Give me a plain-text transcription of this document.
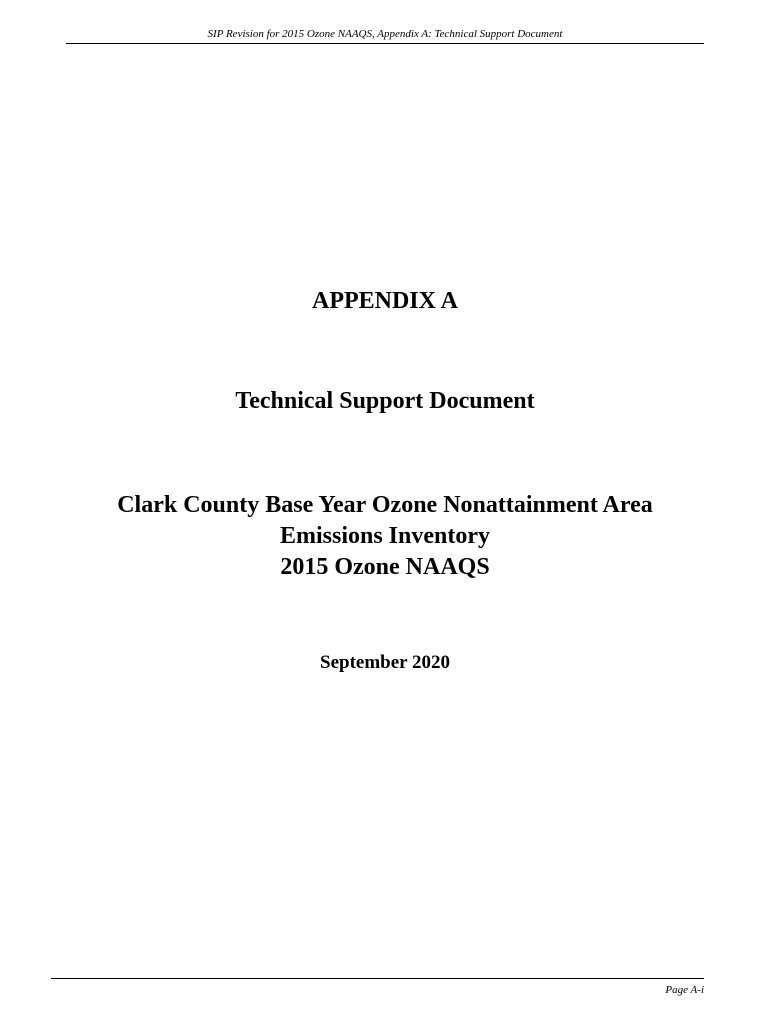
SIP Revision for 2015 Ozone NAAQS, Appendix A: Technical Support Document
APPENDIX A
Technical Support Document
Clark County Base Year Ozone Nonattainment Area
Emissions Inventory
2015 Ozone NAAQS
September 2020
Page A-i
